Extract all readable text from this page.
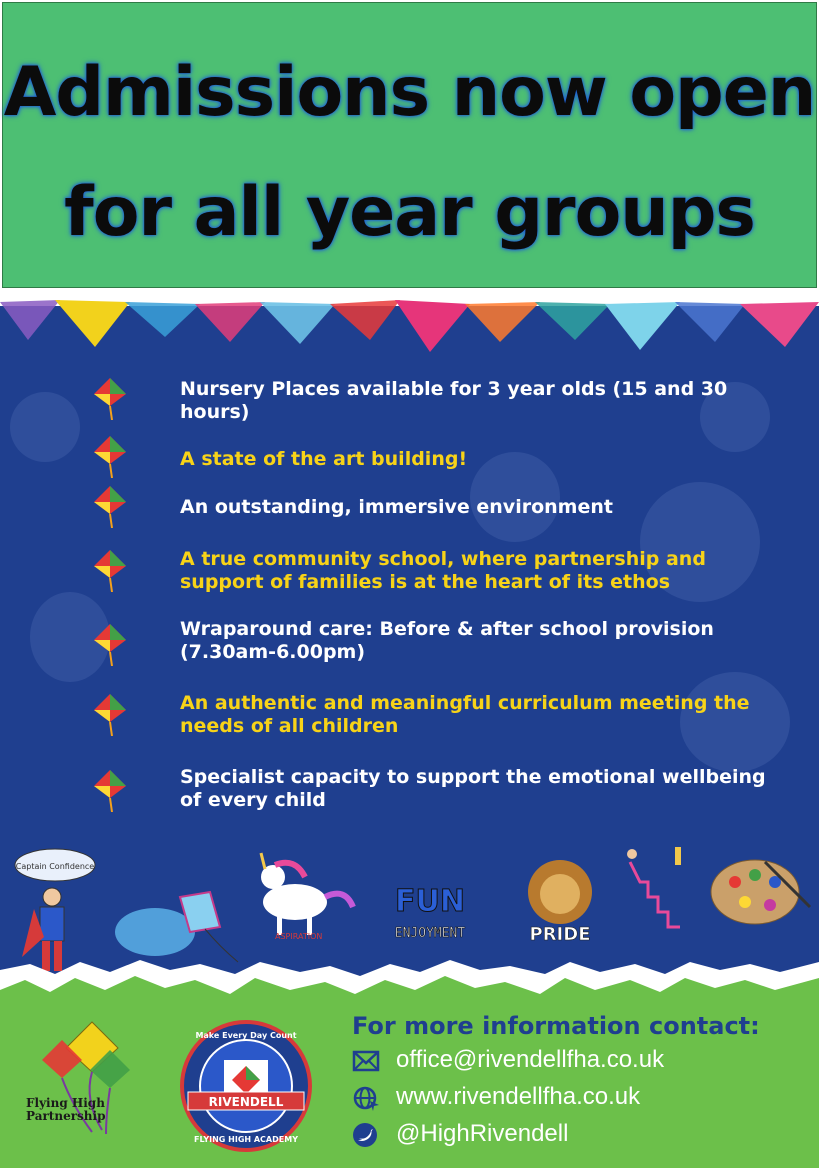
Admissions now open
for all year groups
Nursery Places available for 3 year olds (15 and 30 hours)
A state of the art building!
An outstanding, immersive environment
A true community school, where partnership and support of families is at the heart of its ethos
Wraparound care: Before & after school provision (7.30am-6.00pm)
An authentic and meaningful curriculum meeting the needs of all children
Specialist capacity to support the emotional wellbeing of every child
Captain Confidence
ASPIRATION
FUN
ENJOYMENT	PRIDE
Flying High Partnership
RIVENDELL
Make Every Day Count
FLYING HIGH ACADEMY
For more information contact:
office@rivendellfha.co.uk
www.rivendellfha.co.uk
@HighRivendell
